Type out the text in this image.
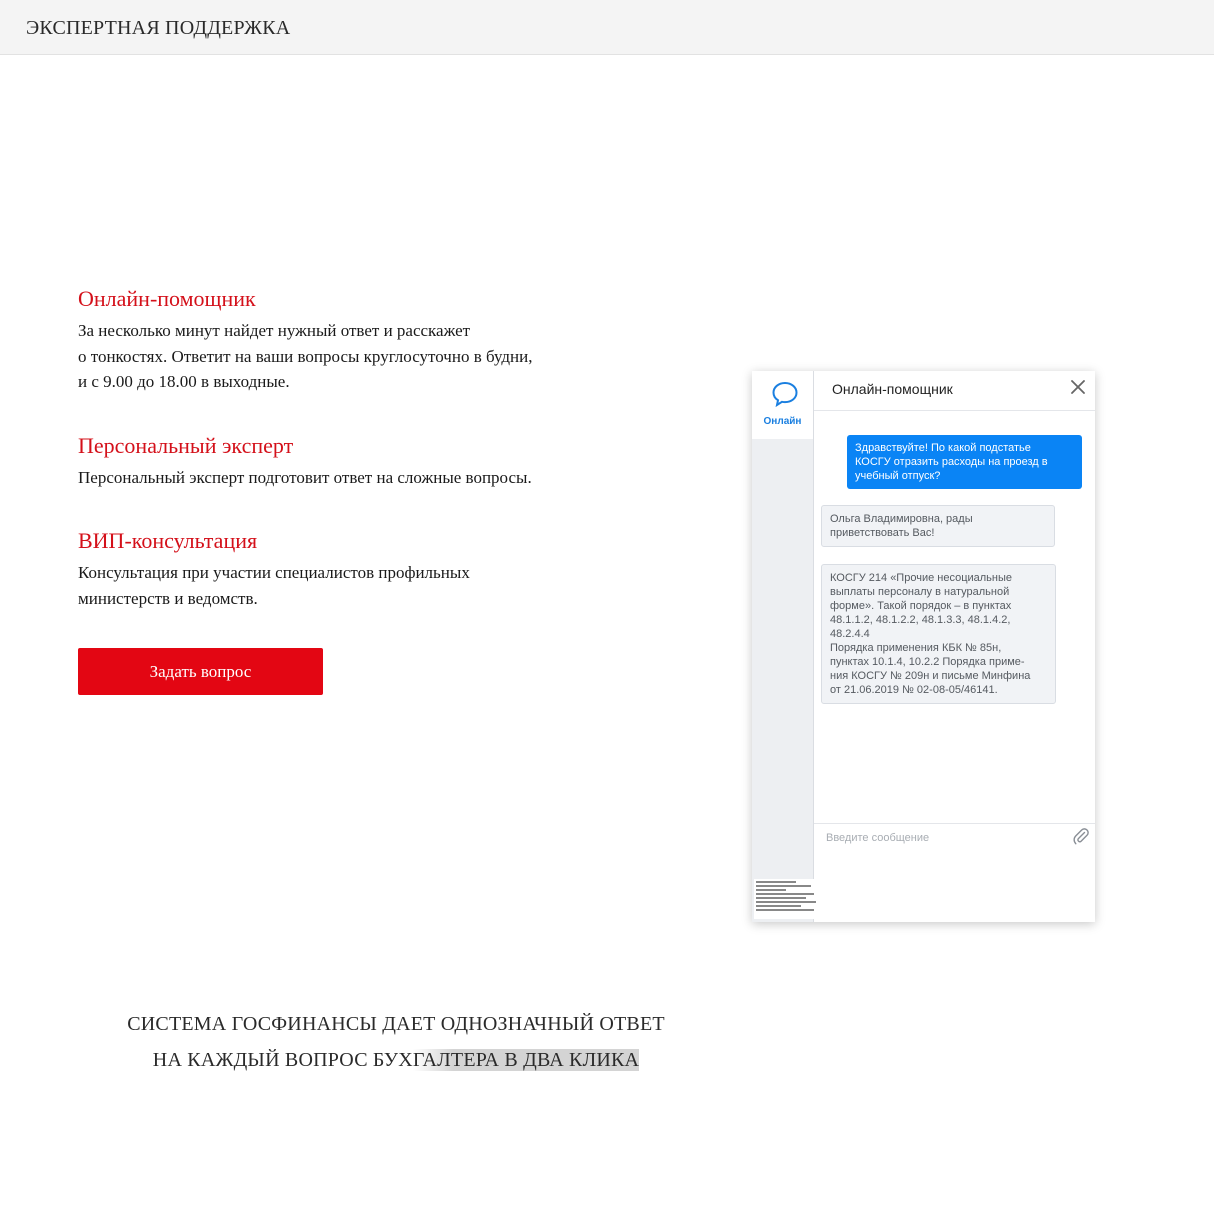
ЭКСПЕРТНАЯ ПОДДЕРЖКА
Онлайн-помощник

За несколько минут найдет нужный ответ и расскажет
о тонкостях. Ответит на ваши вопросы круглосуточно в будни,
и с 9.00 до 18.00 в выходные.

Персональный эксперт

Персональный эксперт подготовит ответ на сложные вопросы.

ВИП-консультация

Консультация при участии специалистов профильных
министерств и ведомств.

Задать вопрос
Онлайн
Онлайн-помощник
Здравствуйте! По какой подстатье
КОСГУ отразить расходы на проезд в
учебный отпуск?
Ольга Владимировна, рады
приветствовать Вас!
КОСГУ 214 «Прочие несоциальные
выплаты персоналу в натуральной
форме». Такой порядок – в пунктах
48.1.1.2, 48.1.2.2, 48.1.3.3, 48.1.4.2, 48.2.4.4
Порядка применения КБК № 85н,
пунктах 10.1.4, 10.2.2 Порядка приме-
ния КОСГУ № 209н и письме Минфина
от 21.06.2019 № 02-08-05/46141.
Введите сообщение
СИСТЕМА ГОСФИНАНСЫ ДАЕТ ОДНОЗНАЧНЫЙ ОТВЕТ
НА КАЖДЫЙ ВОПРОС БУХГАЛТЕРА В ДВА КЛИКА
